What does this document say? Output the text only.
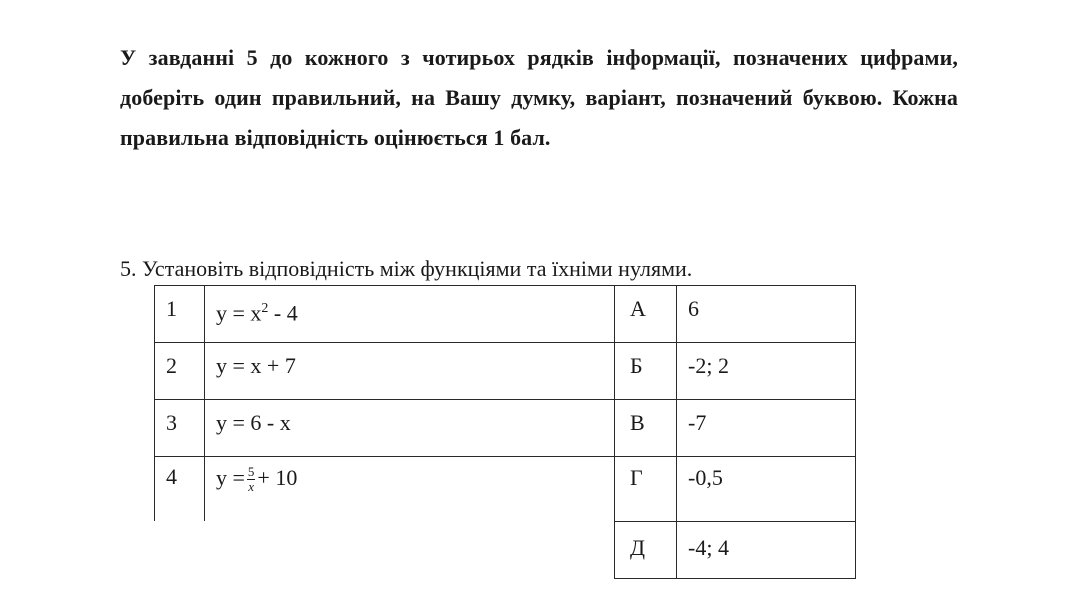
У завданні 5 до кожного з чотирьох рядків інформації, позначених цифрами, доберіть один правильний, на Вашу думку, варіант, позначений буквою. Кожна правильна відповідність оцінюється 1 бал.

5. Установіть відповідність між функціями та їхніми нулями.

1 $y = x^2 - 4$
2 y = x + 7
3 y = 6 - x
4 $y = \frac{5}{x} + 10$
А 6
Б -2; 2
В -7
Г -0,5
Д -4; 4
